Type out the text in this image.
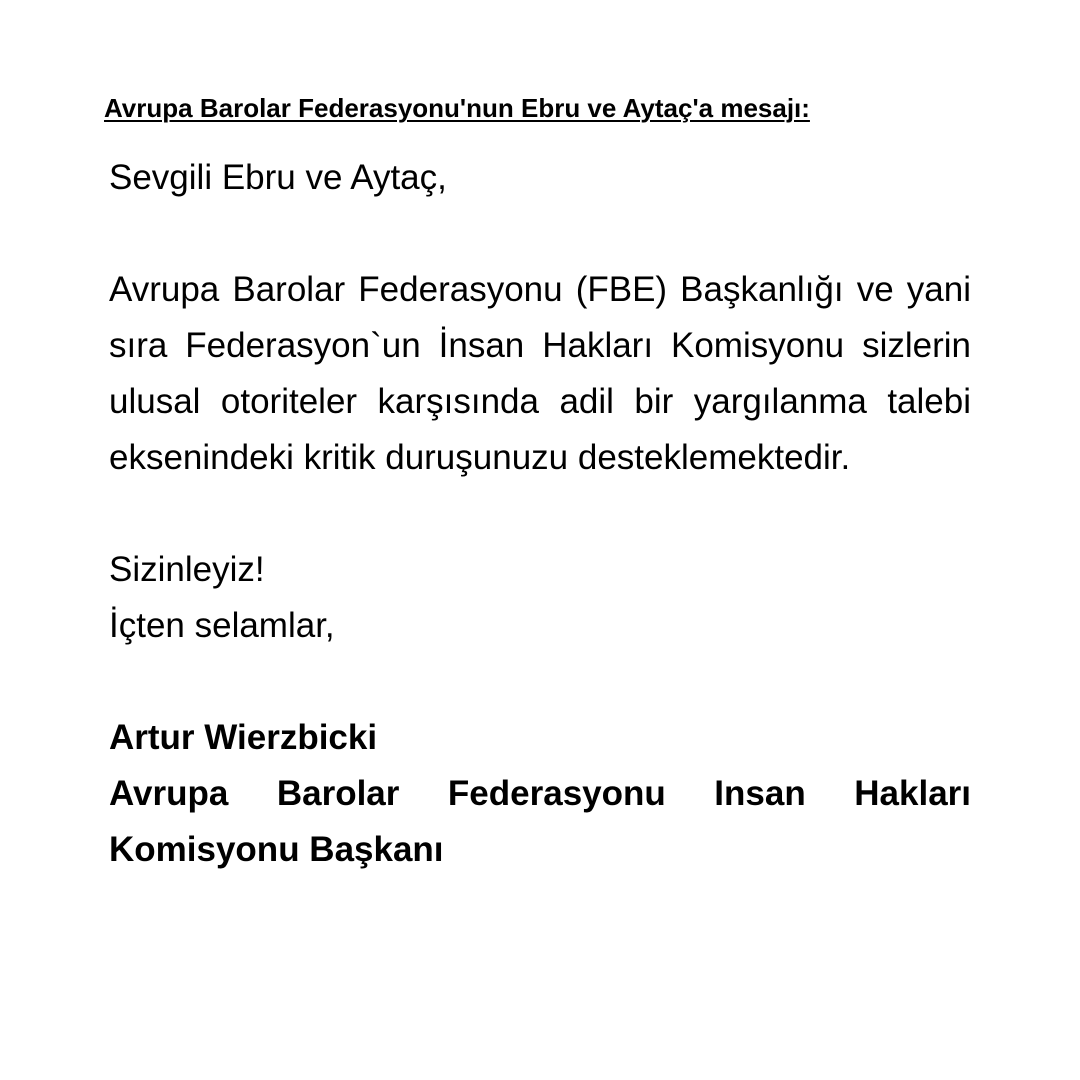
Avrupa Barolar Federasyonu'nun Ebru ve Aytaç'a mesajı:

Sevgili Ebru ve Aytaç,

Avrupa Barolar Federasyonu (FBE) Başkanlığı ve yani sıra Federasyon`un İnsan Hakları Komisyonu sizlerin ulusal otoriteler karşısında adil bir yargılanma talebi eksenindeki kritik duruşunuzu desteklemektedir.

Sizinleyiz!

İçten selamlar,

Artur Wierzbicki

Avrupa Barolar Federasyonu Insan Hakları Komisyonu Başkanı
